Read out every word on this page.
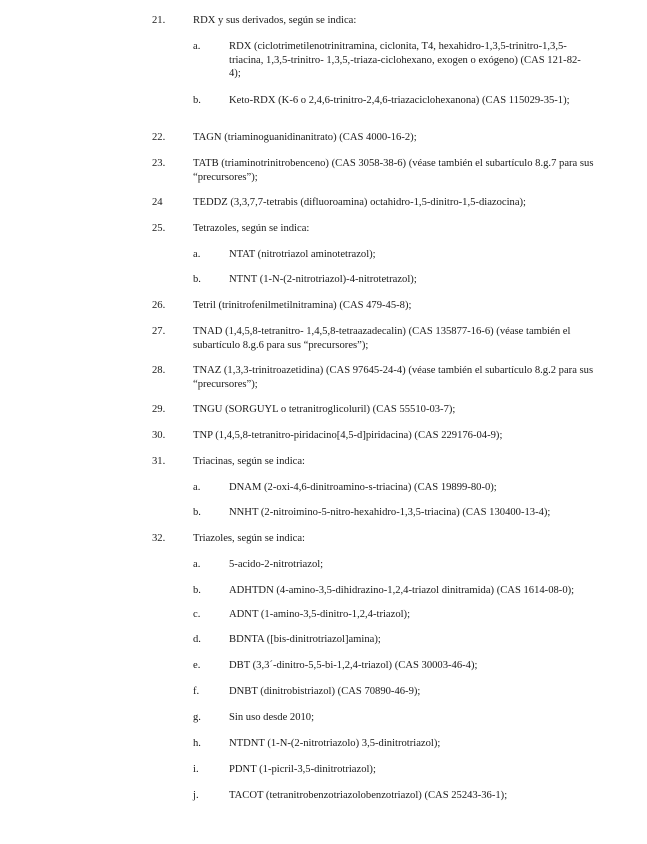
21.	RDX y sus derivados, según se indica:
a.	RDX (ciclotrimetilenotrinitramina, ciclonita, T4, hexahidro-1,3,5-trinitro-1,3,5-triacina, 1,3,5-trinitro- 1,3,5,-triaza-ciclohexano, exogen o exógeno) (CAS 121-82-4);
b.	Keto-RDX (K-6 o 2,4,6-trinitro-2,4,6-triazaciclohexanona) (CAS 115029-35-1);
22.	TAGN (triaminoguanidinanitrato) (CAS 4000-16-2);
23.	TATB (triaminotrinitrobenceno) (CAS 3058-38-6) (véase también el subartículo 8.g.7 para sus “precursores”);
24	TEDDZ (3,3,7,7-tetrabis (difluoroamina) octahidro-1,5-dinitro-1,5-diazocina);
25.	Tetrazoles, según se indica:
a.	NTAT (nitrotriazol aminotetrazol);
b.	NTNT (1-N-(2-nitrotriazol)-4-nitrotetrazol);
26.	Tetril (trinitrofenilmetilnitramina) (CAS 479-45-8);
27.	TNAD (1,4,5,8-tetranitro- 1,4,5,8-tetraazadecalin) (CAS 135877-16-6) (véase también el subartículo 8.g.6 para sus “precursores”);
28.	TNAZ (1,3,3-trinitroazetidina) (CAS 97645-24-4) (véase también el subartículo 8.g.2 para sus “precursores”);
29.	TNGU (SORGUYL o tetranitroglicoluril) (CAS 55510-03-7);
30.	TNP (1,4,5,8-tetranitro-piridacino[4,5-d]piridacina) (CAS 229176-04-9);
31.	Triacinas, según se indica:
a.	DNAM (2-oxi-4,6-dinitroamino-s-triacina) (CAS 19899-80-0);
b.	NNHT (2-nitroimino-5-nitro-hexahidro-1,3,5-triacina) (CAS 130400-13-4);
32.	Triazoles, según se indica:
a.	5-acido-2-nitrotriazol;
b.	ADHTDN (4-amino-3,5-dihidrazino-1,2,4-triazol dinitramida) (CAS 1614-08-0);
c.	ADNT (1-amino-3,5-dinitro-1,2,4-triazol);
d.	BDNTA ([bis-dinitrotriazol]amina);
e.	DBT (3,3´-dinitro-5,5-bi-1,2,4-triazol) (CAS 30003-46-4);
f.	DNBT (dinitrobistriazol) (CAS 70890-46-9);
g.	Sin uso desde 2010;
h.	NTDNT (1-N-(2-nitrotriazolo) 3,5-dinitrotriazol);
i.	PDNT (1-picril-3,5-dinitrotriazol);
j.	TACOT (tetranitrobenzotriazolobenzotriazol) (CAS 25243-36-1);
